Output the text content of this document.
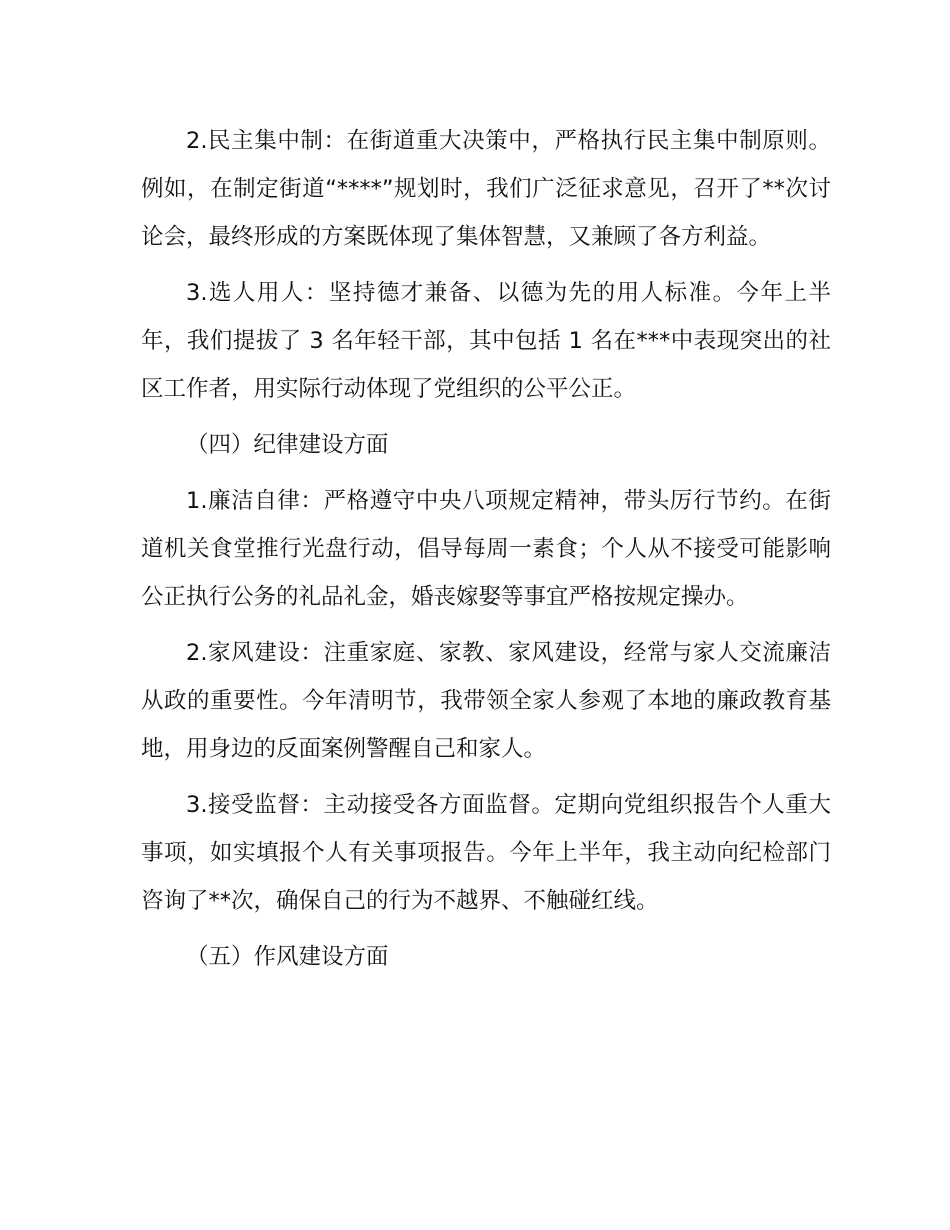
2.民主集中制：在街道重大决策中，严格执行民主集中制原则。例如，在制定街道“****”规划时，我们广泛征求意见，召开了**次讨论会，最终形成的方案既体现了集体智慧，又兼顾了各方利益。

3.选人用人：坚持德才兼备、以德为先的用人标准。今年上半年，我们提拔了 3 名年轻干部，其中包括 1 名在***中表现突出的社区工作者，用实际行动体现了党组织的公平公正。

（四）纪律建设方面

1.廉洁自律：严格遵守中央八项规定精神，带头厉行节约。在街道机关食堂推行光盘行动，倡导每周一素食；个人从不接受可能影响公正执行公务的礼品礼金，婚丧嫁娶等事宜严格按规定操办。

2.家风建设：注重家庭、家教、家风建设，经常与家人交流廉洁从政的重要性。今年清明节，我带领全家人参观了本地的廉政教育基地，用身边的反面案例警醒自己和家人。

3.接受监督：主动接受各方面监督。定期向党组织报告个人重大事项，如实填报个人有关事项报告。今年上半年，我主动向纪检部门咨询了**次，确保自己的行为不越界、不触碰红线。

（五）作风建设方面
